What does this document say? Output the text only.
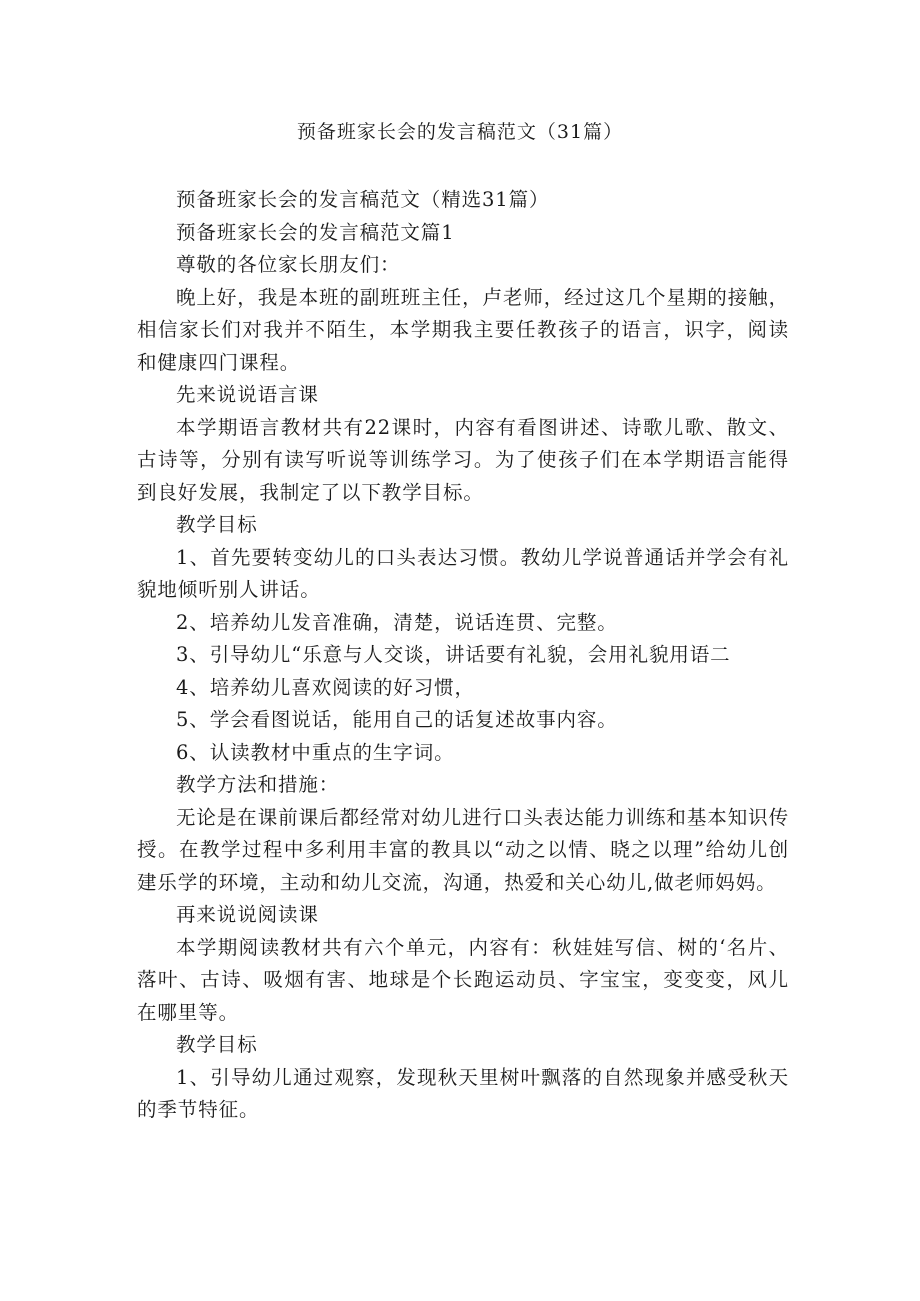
预备班家长会的发言稿范文（31篇）

预备班家长会的发言稿范文（精选31篇）

预备班家长会的发言稿范文篇1

尊敬的各位家长朋友们：

晚上好，我是本班的副班班主任，卢老师，经过这几个星期的接触，相信家长们对我并不陌生，本学期我主要任教孩子的语言，识字，阅读和健康四门课程。

先来说说语言课

本学期语言教材共有22课时，内容有看图讲述、诗歌儿歌、散文、古诗等，分别有读写听说等训练学习。为了使孩子们在本学期语言能得到良好发展，我制定了以下教学目标。

教学目标

1、首先要转变幼儿的口头表达习惯。教幼儿学说普通话并学会有礼貌地倾听别人讲话。

2、培养幼儿发音准确，清楚，说话连贯、完整。

3、引导幼儿“乐意与人交谈，讲话要有礼貌，会用礼貌用语二

4、培养幼儿喜欢阅读的好习惯，

5、学会看图说话，能用自己的话复述故事内容。

6、认读教材中重点的生字词。

教学方法和措施：

无论是在课前课后都经常对幼儿进行口头表达能力训练和基本知识传授。在教学过程中多利用丰富的教具以“动之以情、晓之以理”给幼儿创建乐学的环境，主动和幼儿交流，沟通，热爱和关心幼儿,做老师妈妈。

再来说说阅读课

本学期阅读教材共有六个单元，内容有：秋娃娃写信、树的‘名片、落叶、古诗、吸烟有害、地球是个长跑运动员、字宝宝，变变变，风儿在哪里等。

教学目标

1、引导幼儿通过观察，发现秋天里树叶飘落的自然现象并感受秋天的季节特征。
